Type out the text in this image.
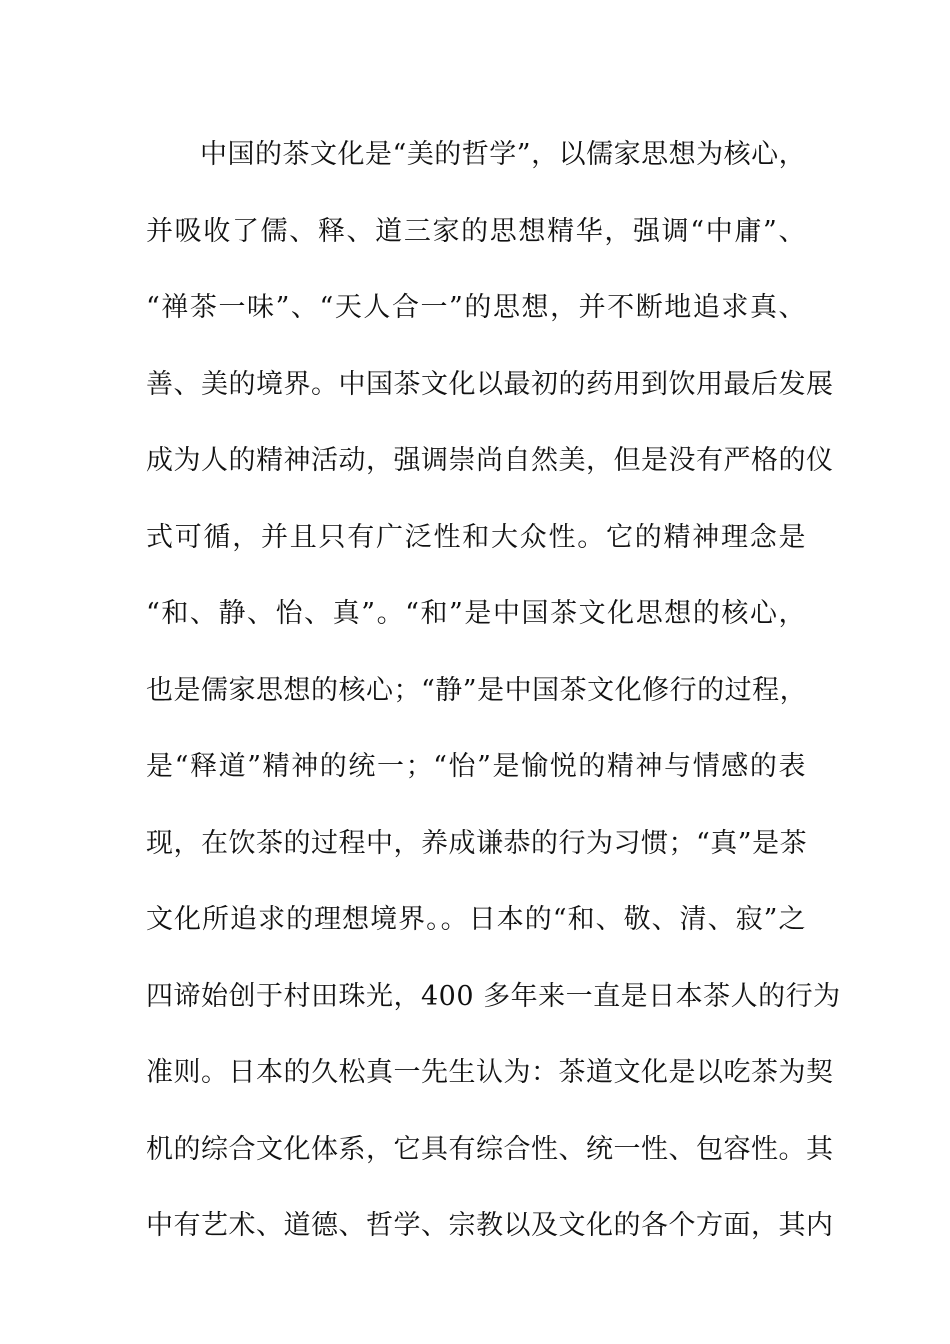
中国的茶文化是“美的哲学”，以儒家思想为核心，
并吸收了儒、释、道三家的思想精华，强调“中庸”、
“禅茶一味”、“天人合一”的思想，并不断地追求真、
善、美的境界。中国茶文化以最初的药用到饮用最后发展
成为人的精神活动，强调崇尚自然美，但是没有严格的仪
式可循，并且只有广泛性和大众性。它的精神理念是
“和、静、怡、真”。“和”是中国茶文化思想的核心，
也是儒家思想的核心；“静”是中国茶文化修行的过程，
是“释道”精神的统一；“怡”是愉悦的精神与情感的表
现，在饮茶的过程中，养成谦恭的行为习惯；“真”是茶
文化所追求的理想境界。。日本的“和、敬、清、寂”之
四谛始创于村田珠光，400 多年来一直是日本茶人的行为
准则。日本的久松真一先生认为：茶道文化是以吃茶为契
机的综合文化体系，它具有综合性、统一性、包容性。其
中有艺术、道德、哲学、宗教以及文化的各个方面，其内
